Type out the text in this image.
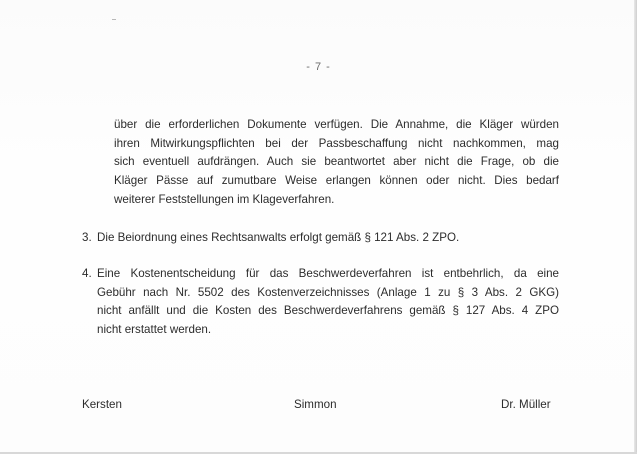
- 7 -
über die erforderlichen Dokumente verfügen. Die Annahme, die Kläger würden
ihren Mitwirkungspflichten bei der Passbeschaffung nicht nachkommen, mag
sich eventuell aufdrängen. Auch sie beantwortet aber nicht die Frage, ob die
Kläger Pässe auf zumutbare Weise erlangen können oder nicht. Dies bedarf
weiterer Feststellungen im Klageverfahren.
3. Die Beiordnung eines Rechtsanwalts erfolgt gemäß § 121 Abs. 2 ZPO.
4. Eine Kostenentscheidung für das Beschwerdeverfahren ist entbehrlich, da eine
Gebühr nach Nr. 5502 des Kostenverzeichnisses (Anlage 1 zu § 3 Abs. 2 GKG)
nicht anfällt und die Kosten des Beschwerdeverfahrens gemäß § 127 Abs. 4 ZPO
nicht erstattet werden.
Kersten	Simmon	Dr. Müller
